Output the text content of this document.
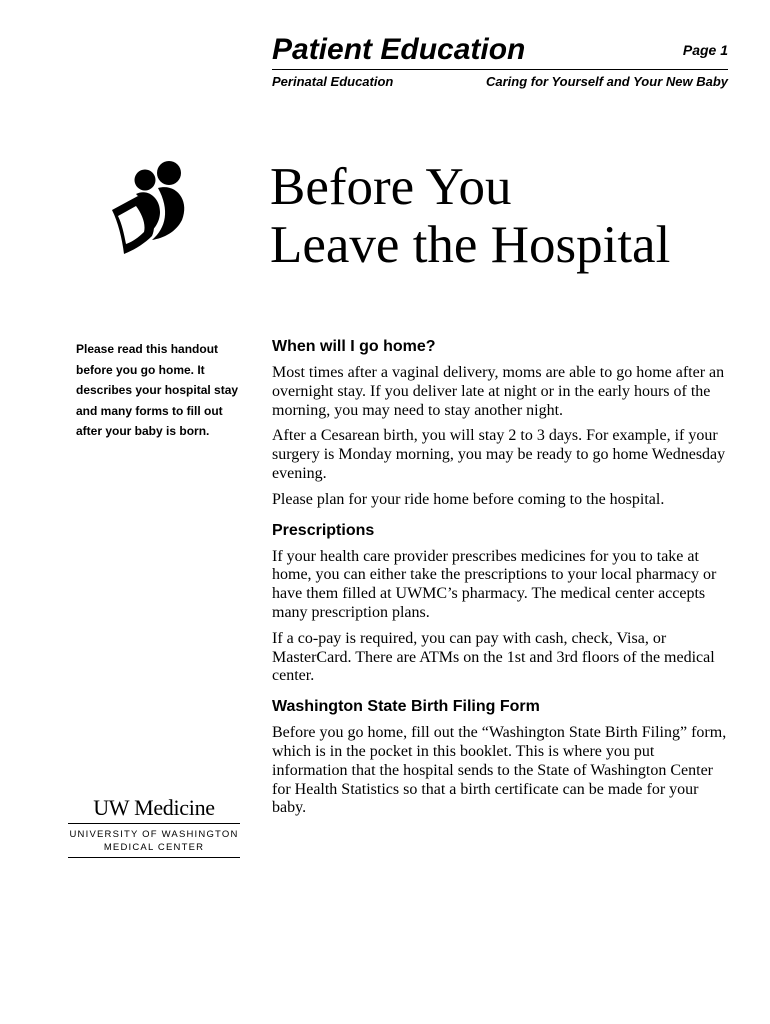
Patient Education	Page 1
Perinatal Education	Caring for Yourself and Your New Baby
Before You
Leave the Hospital
Please read this handout before you go home. It describes your hospital stay and many forms to fill out after your baby is born.
When will I go home?

Most times after a vaginal delivery, moms are able to go home after an overnight stay. If you deliver late at night or in the early hours of the morning, you may need to stay another night.

After a Cesarean birth, you will stay 2 to 3 days. For example, if your surgery is Monday morning, you may be ready to go home Wednesday evening.

Please plan for your ride home before coming to the hospital.

Prescriptions

If your health care provider prescribes medicines for you to take at home, you can either take the prescriptions to your local pharmacy or have them filled at UWMC’s pharmacy. The medical center accepts many prescription plans.

If a co-pay is required, you can pay with cash, check, Visa, or MasterCard. There are ATMs on the 1st and 3rd floors of the medical center.

Washington State Birth Filing Form

Before you go home, fill out the “Washington State Birth Filing” form, which is in the pocket in this booklet. This is where you put information that the hospital sends to the State of Washington Center for Health Statistics so that a birth certificate can be made for your baby.

UW Medicine
UNIVERSITY OF WASHINGTON
MEDICAL CENTER
